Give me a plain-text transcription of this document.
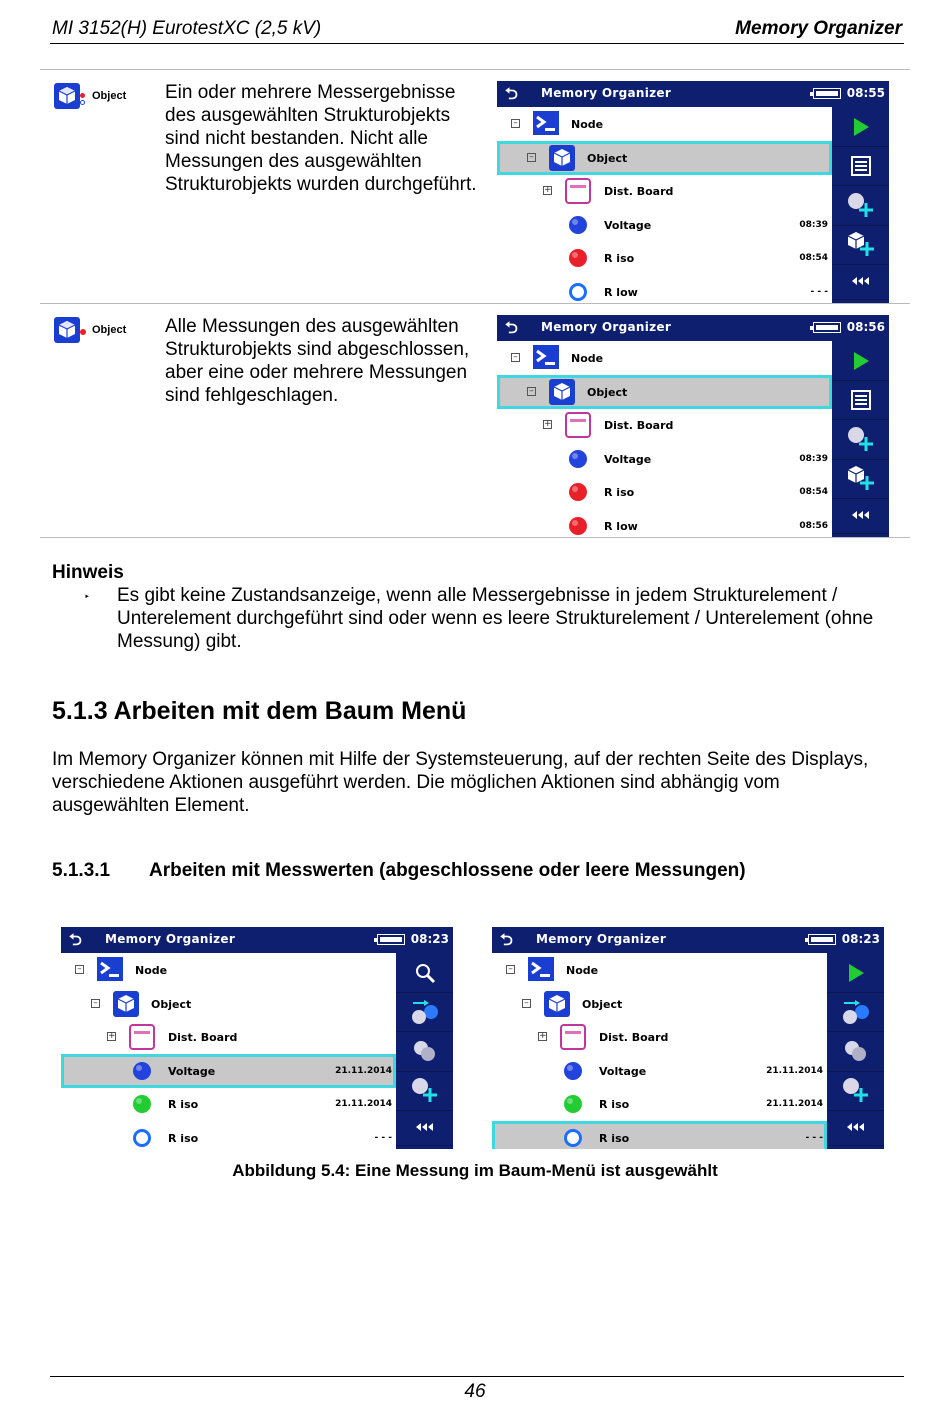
MI 3152(H) EurotestXC (2,5 kV)	Memory Organizer
Object Ein oder mehrere Messergebnisse des ausgewählten Strukturobjekts sind nicht bestanden. Nicht alle Messungen des ausgewählten Strukturobjekts wurden durchgeführt.
Object Alle Messungen des ausgewählten Strukturobjekts sind abgeschlossen, aber eine oder mehrere Messungen sind fehlgeschlagen.
⮌ Memory Organizer	08:55
–	Node
–	Object
+	Dist. Board
Voltage	08:39
R iso	08:54
R low	- - -
⮌ Memory Organizer	08:56
–	Node
–	Object
+	Dist. Board
Voltage	08:39
R iso	08:54
R low	08:56
⮌ Memory Organizer	08:23
–	Node
–	Object
+	Dist. Board
Voltage	21.11.2014
R iso	21.11.2014
R iso	- - -
⮌ Memory Organizer	08:23
–	Node
–	Object
+	Dist. Board
Voltage	21.11.2014
R iso	21.11.2014
R iso	- - -
Hinweis
‣ Es gibt keine Zustandsanzeige, wenn alle Messergebnisse in jedem Strukturelement / Unterelement durchgeführt sind oder wenn es leere Strukturelement / Unterelement (ohne Messung) gibt.
5.1.3 Arbeiten mit dem Baum Menü
Im Memory Organizer können mit Hilfe der Systemsteuerung, auf der rechten Seite des Displays, verschiedene Aktionen ausgeführt werden. Die möglichen Aktionen sind abhängig vom ausgewählten Element.
5.1.3.1 Arbeiten mit Messwerten (abgeschlossene oder leere Messungen)
Abbildung 5.4: Eine Messung im Baum-Menü ist ausgewählt
46
